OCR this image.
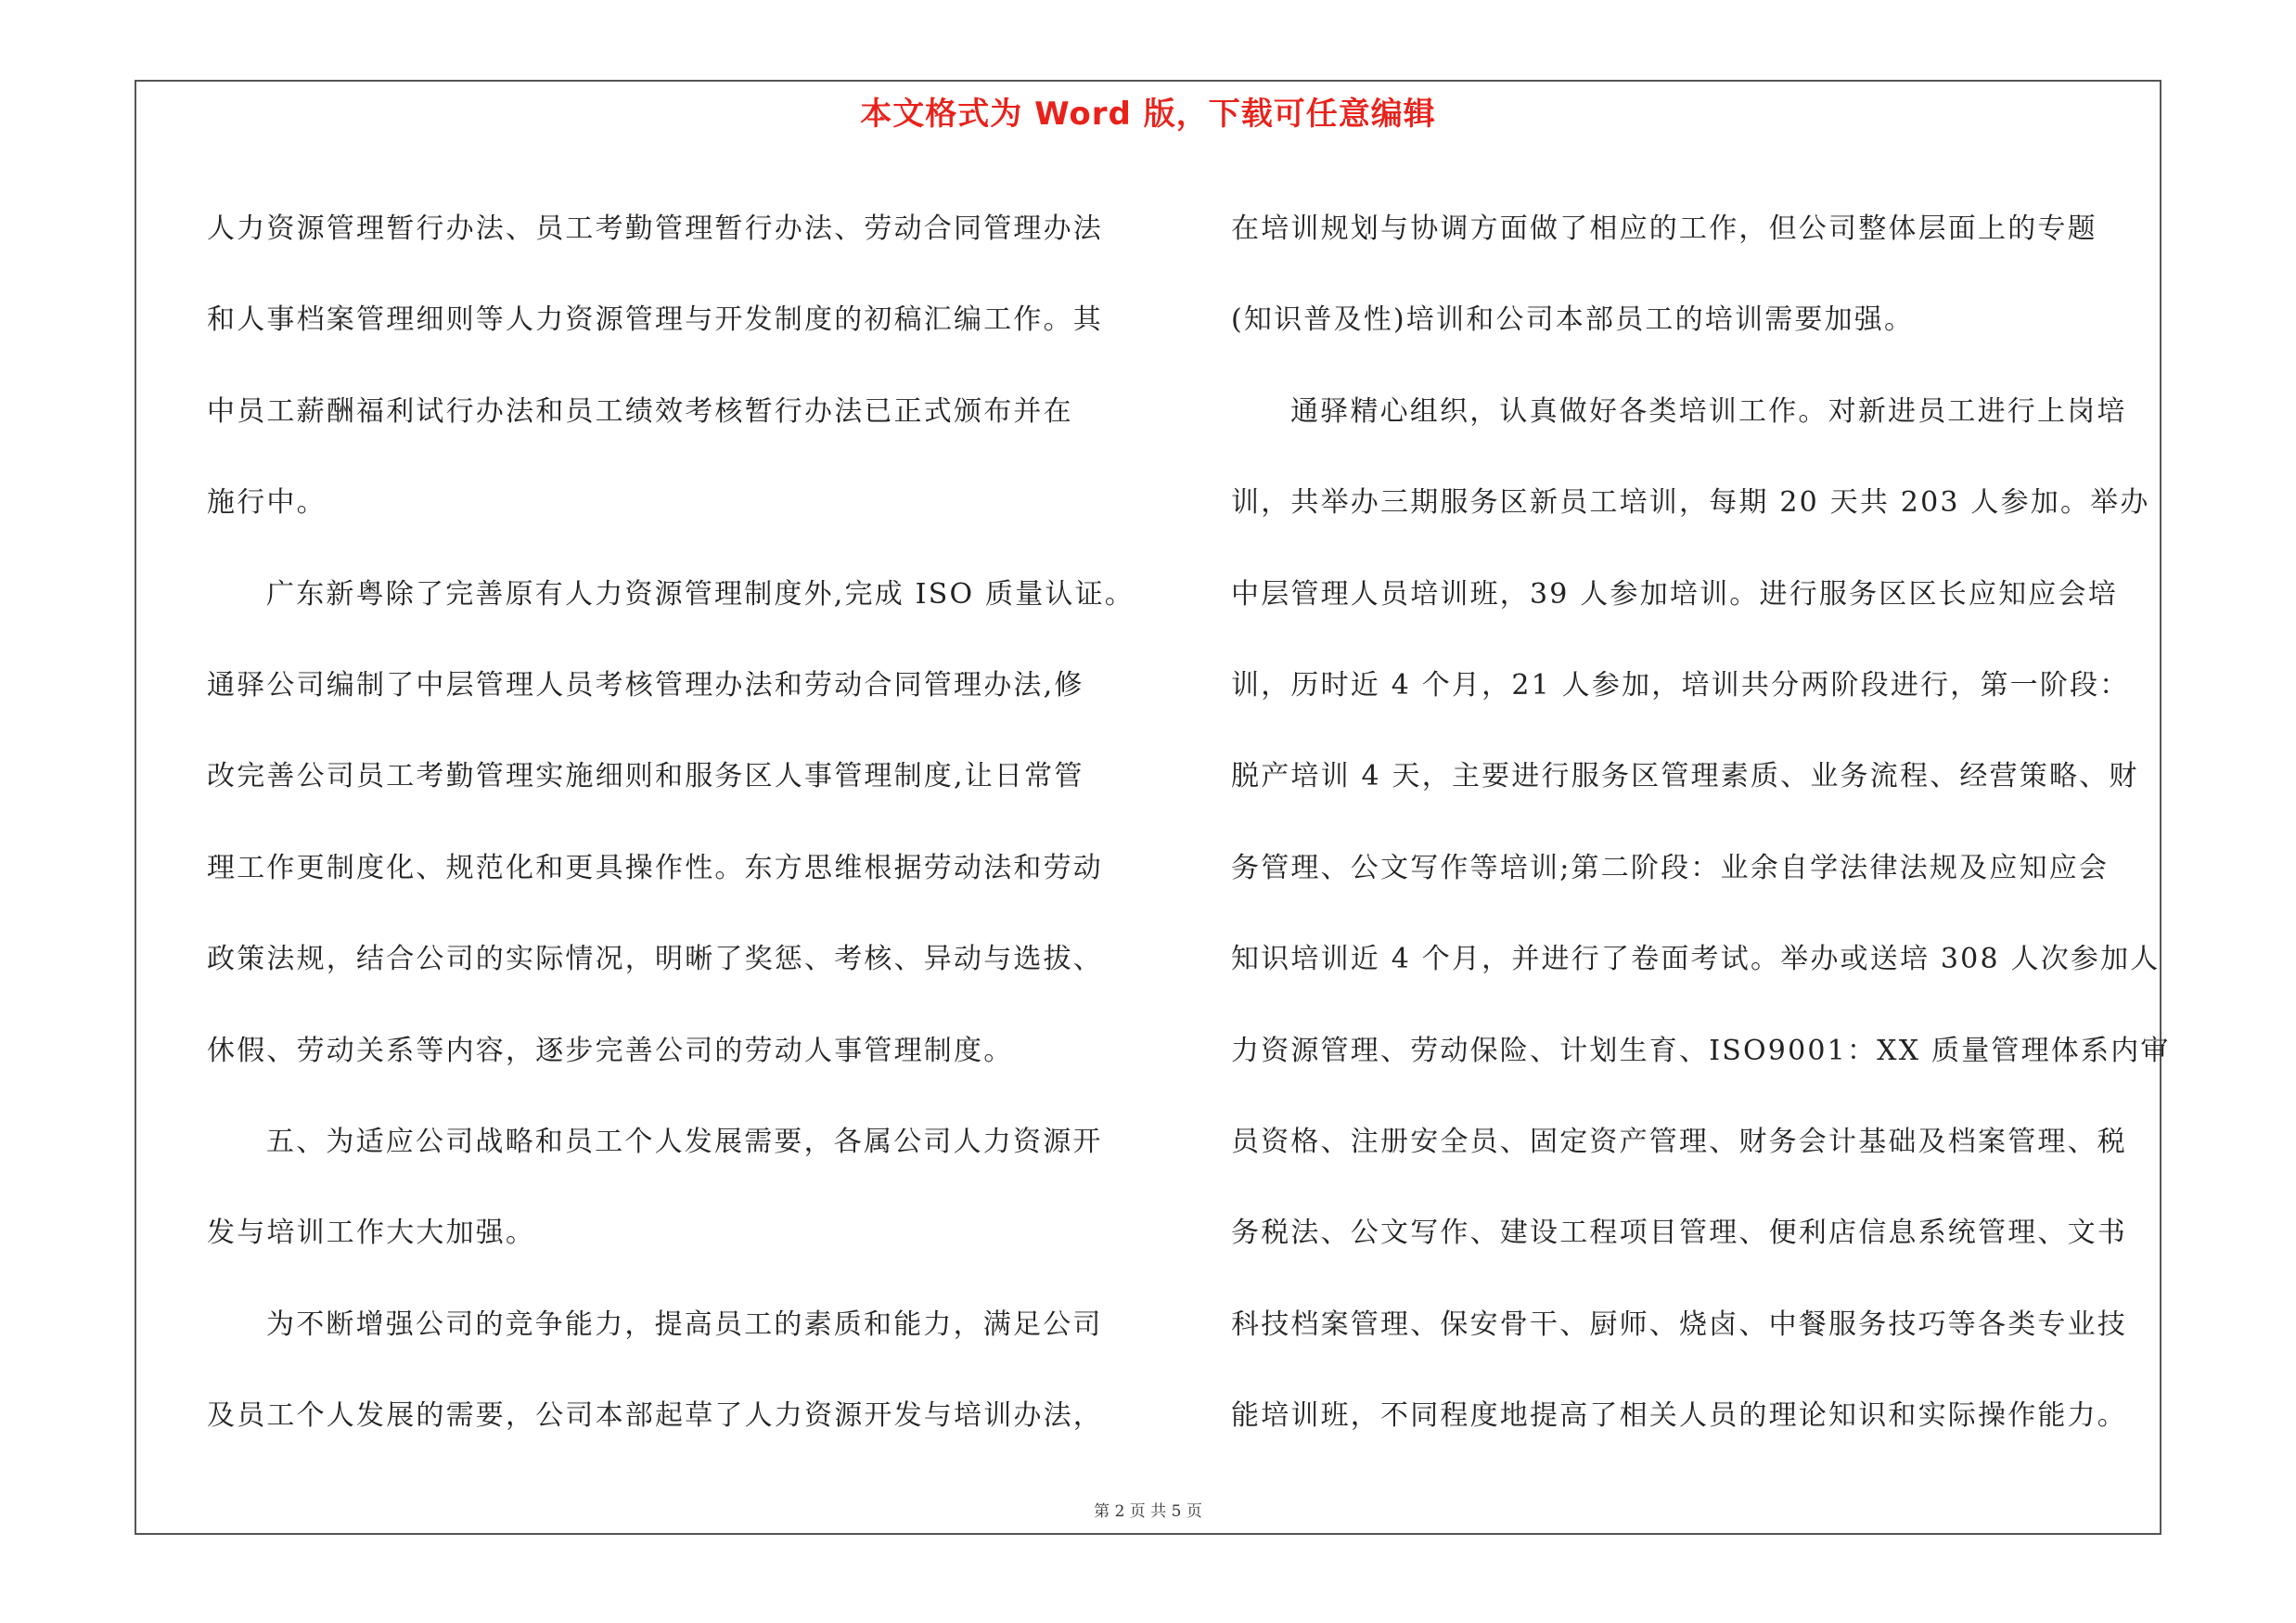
本文格式为 Word 版，下载可任意编辑
人力资源管理暂行办法、员工考勤管理暂行办法、劳动合同管理办法
和人事档案管理细则等人力资源管理与开发制度的初稿汇编工作。其
中员工薪酬福利试行办法和员工绩效考核暂行办法已正式颁布并在
施行中。
广东新粤除了完善原有人力资源管理制度外,完成 ISO 质量认证。
通驿公司编制了中层管理人员考核管理办法和劳动合同管理办法,修
改完善公司员工考勤管理实施细则和服务区人事管理制度,让日常管
理工作更制度化、规范化和更具操作性。东方思维根据劳动法和劳动
政策法规，结合公司的实际情况，明晰了奖惩、考核、异动与选拔、
休假、劳动关系等内容，逐步完善公司的劳动人事管理制度。
五、为适应公司战略和员工个人发展需要，各属公司人力资源开
发与培训工作大大加强。
为不断增强公司的竞争能力，提高员工的素质和能力，满足公司
及员工个人发展的需要，公司本部起草了人力资源开发与培训办法，
在培训规划与协调方面做了相应的工作，但公司整体层面上的专题
(知识普及性)培训和公司本部员工的培训需要加强。
通驿精心组织，认真做好各类培训工作。对新进员工进行上岗培
训，共举办三期服务区新员工培训，每期 20 天共 203 人参加。举办
中层管理人员培训班，39 人参加培训。进行服务区区长应知应会培
训，历时近 4 个月，21 人参加，培训共分两阶段进行，第一阶段：
脱产培训 4 天，主要进行服务区管理素质、业务流程、经营策略、财
务管理、公文写作等培训;第二阶段：业余自学法律法规及应知应会
知识培训近 4 个月，并进行了卷面考试。举办或送培 308 人次参加人
力资源管理、劳动保险、计划生育、ISO9001：XX 质量管理体系内审
员资格、注册安全员、固定资产管理、财务会计基础及档案管理、税
务税法、公文写作、建设工程项目管理、便利店信息系统管理、文书
科技档案管理、保安骨干、厨师、烧卤、中餐服务技巧等各类专业技
能培训班，不同程度地提高了相关人员的理论知识和实际操作能力。
第 2 页 共 5 页
